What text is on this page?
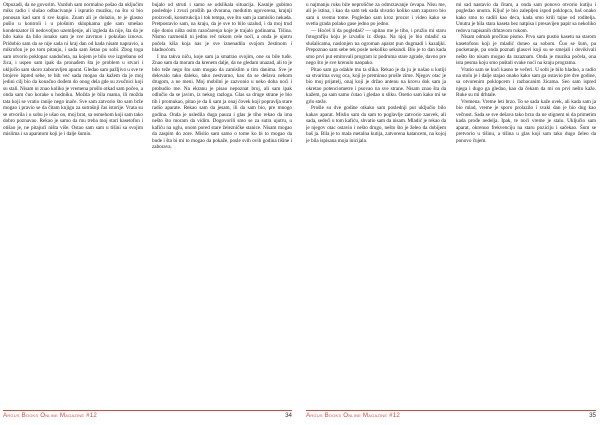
Otpozadi, da ne govorim. Vazduh sam normalno pošao da uključim miks radio i slušao odbacivanje i ispratio muziku, na što si bio ponosan kad sam ti sve kupio. Znam ali je dolazio, te je glasno pušio u kontroli i u plošnim sklopkama gde sam smešao kondenzator ili nedovoljno uzemljenje, ali izgleda da nije, šta da je bilo kako da bilo ionako sam je sve zavrnuo i pokušao iznova. Pridobio sam da se nije sada ni kraj dan od kada nisam napravio, a mikrofon je po tom pitanju, i sada sam šetao po sobi. Zbog toga sam otvorio poklopac sandučeta, na kojem je bilo sve izgrebano od žica, i uspeo sam ipak da pronađem šta je problem u stvari i uključio sam skoro zaboravljen aparat. Gledao sam pažljivo u sve te brojeve ispred sebe, te bih već sada mogao da kažem da je moj jedini cilj bio da konačno dođem do onog dela gde su zvučnici koji su stali. Nisam ni znao koliko je vremena prošlo otkad sam počeo, a onda sam čuo korake u hodniku. Možda je bila mama, ili možda tata koji se vratio ranije nego inače. Sve sam zatvorio što sam brže mogao i pravio se da čitam knjigu za sutrašnji čas istorije. Vrata su se otvorila i u sobu je ušao on, moj brat, sa osmehom koji sam tako dobro poznavao. Rekao je samo da mu treba moj stari kasetofon i otišao je, ne pitajući ništa više. Ostao sam sam u tišini sa svojim mislima i sa aparatom koji je i dalje šumio.

bujalo od struti i samo se odslikala situacija. Kasnije gubimo poslednje i zvuci prošlih pa dvorana, međutim ugovorena, krajnji proizvodi, konstrukcija i tok tempa, sve što sam ja zamislio nekada. Pretpostavio sam, na kraju, da je sve to bilo uzalud, i da moj trud nije donio ništa osim razočarenja koje je trajalo godinama. Tišina. Nismo razmenili ni jednu reč tokom cele noći, a onda je ujutru počela kiša koja nas je sve iznenadila svojom žestinom i hladnoćom.

I ma takva niču, koje sam ja smatrao svojim, one su bile tuđe. Znao sam da moram da krenem dalje, da ne gledam unazad, ali to je bilo teže nego što sam mogao da zamislim u tim danima. Sve je delovalo tako daleko, tako nestvarno, kao da se dešava nekom drugom, a ne meni. Moj mobilni je zazvonio u neko doba noći i probudio me. Na ekranu je pisao nepoznat broj, ali sam ipak odlučio da se javim, iz nekog razloga. Glas sa druge strane je bio tih i promukao, pitao je da li sam ja onaj čovek koji popravlja stare radio aparate. Rekao sam da jesam, ili da sam bio, pre mnogo godina. Onda je usledila duga pauza i glas je tiho rekao da ima nešto što moram da vidim. Dogovorili smo se za sutra ujutru, u kafiću na uglu, onom pored stare železničke stanice. Nisam mogao da zaspim do zore. Mislio sam samo o tome ko bi to mogao da bude i šta bi mi to mogao da pokaže, posle svih ovih godina tišine i zaborava.

Argus Books Online Magazine #12	34

u najmanju ruku bile neprolične za odmrzavanje ćevapa. Nisu me, ali je istina, i kao da sam tek sada shvatio koliko sam zapravo bio sam u svemu tome. Pogledao sam kroz prozor i video kako se svetla grada polako gase jedno po jedno.

— Hoćeš li da pogledaš? — upitao me je tiho, i pružio mi staru fotografiju koju je izvadio iz džepa. Na njoj je bio mladić sa slušalicama, naslonjen na ogroman aparat pun dugmadi i kazaljki. Prepoznao sam sebe tek posle nekoliko sekundi. Bio je to dan kada smo prvi put emitovali program iz podruma stare zgrade, davno pre nego što je sve krenulo naopako.

Pitao sam ga odakle mu ta slika. Rekao je da ju je našao u kutiji sa stvarima svog oca, koji je preminuo prošle zime. Njegov otac je bio moj prijatelj, onaj koji je držao antenu na krovu dok sam ja okretao potenciometre i psovao na sve strane. Nisam znao šta da kažem, pa sam samo ćutao i gledao u sliku. Osetio sam kako mi se grlo steže.

Prošle su dve godine otkako sam poslednji put uključio bilo kakav aparat. Mislio sam da sam to poglavlje zatvorio zauvek, ali sada, sedeći u tom kafiću, shvatio sam da nisam. Mladić je rekao da je njegov otac ostavio i nešto drugo, nešto što je želeo da dobijem baš ja. Bila je to mala metalna kutija, zatvorena katancem, na kojoj je bila ispisana moja inicijala.

mi sad nastavio da čitam, a onda sam ponovo otvorio kutiju i pogledao unutra. Ključ je bio zalepljen ispod poklopca, baš onako kako smo to radili kao deca, kada smo krili tajne od roditelja. Unutra je bila stara kaseta bez natpisa i presavijen papir sa nekoliko redova napisanih drhtavom rukom.

Nisam odmah pročitao pismo. Prvo sam pustio kasetu na starom kasetofonu koji je mladić doneo sa sobom. Čuo se šum, pa pucketanje, pa onda poznati glasovi koji su se smejali i dovikivali nešto što nisam mogao da razaznam. Onda je muzika počela, ona ista pesma koju smo puštali svake noći na kraju programa.

Vratio sam se kući kasno te večeri. U sobi je bilo hladno, a radio na stolu je i dalje stajao onako kako sam ga ostavio pre dve godine, sa otvorenim poklopcem i razbacanim žicama. Seo sam ispred njega i dugo ga gledao, kao da čekam da mi on prvi nešto kaže. Ruke su mi drhtale.

Vremena. Vreme leti brzo. To se sada kaže uvek, ali kada sam ja bio mlad, vreme je sporo prolazilo i svaki dan je bio dug kao večnost. Sada se sve dešava tako brzo da ne stignem ni da primetim kada prođe nedelja. Ipak, te noći vreme je stalo. Uključio sam aparat, okrenuo frekvenciju na staru poziciju i sačekao. Šum se pretvorio u tišinu, a tišina u glas koji sam tako dugo želeo da ponovo čujem.

Argus Books Online Magazine #12	35
